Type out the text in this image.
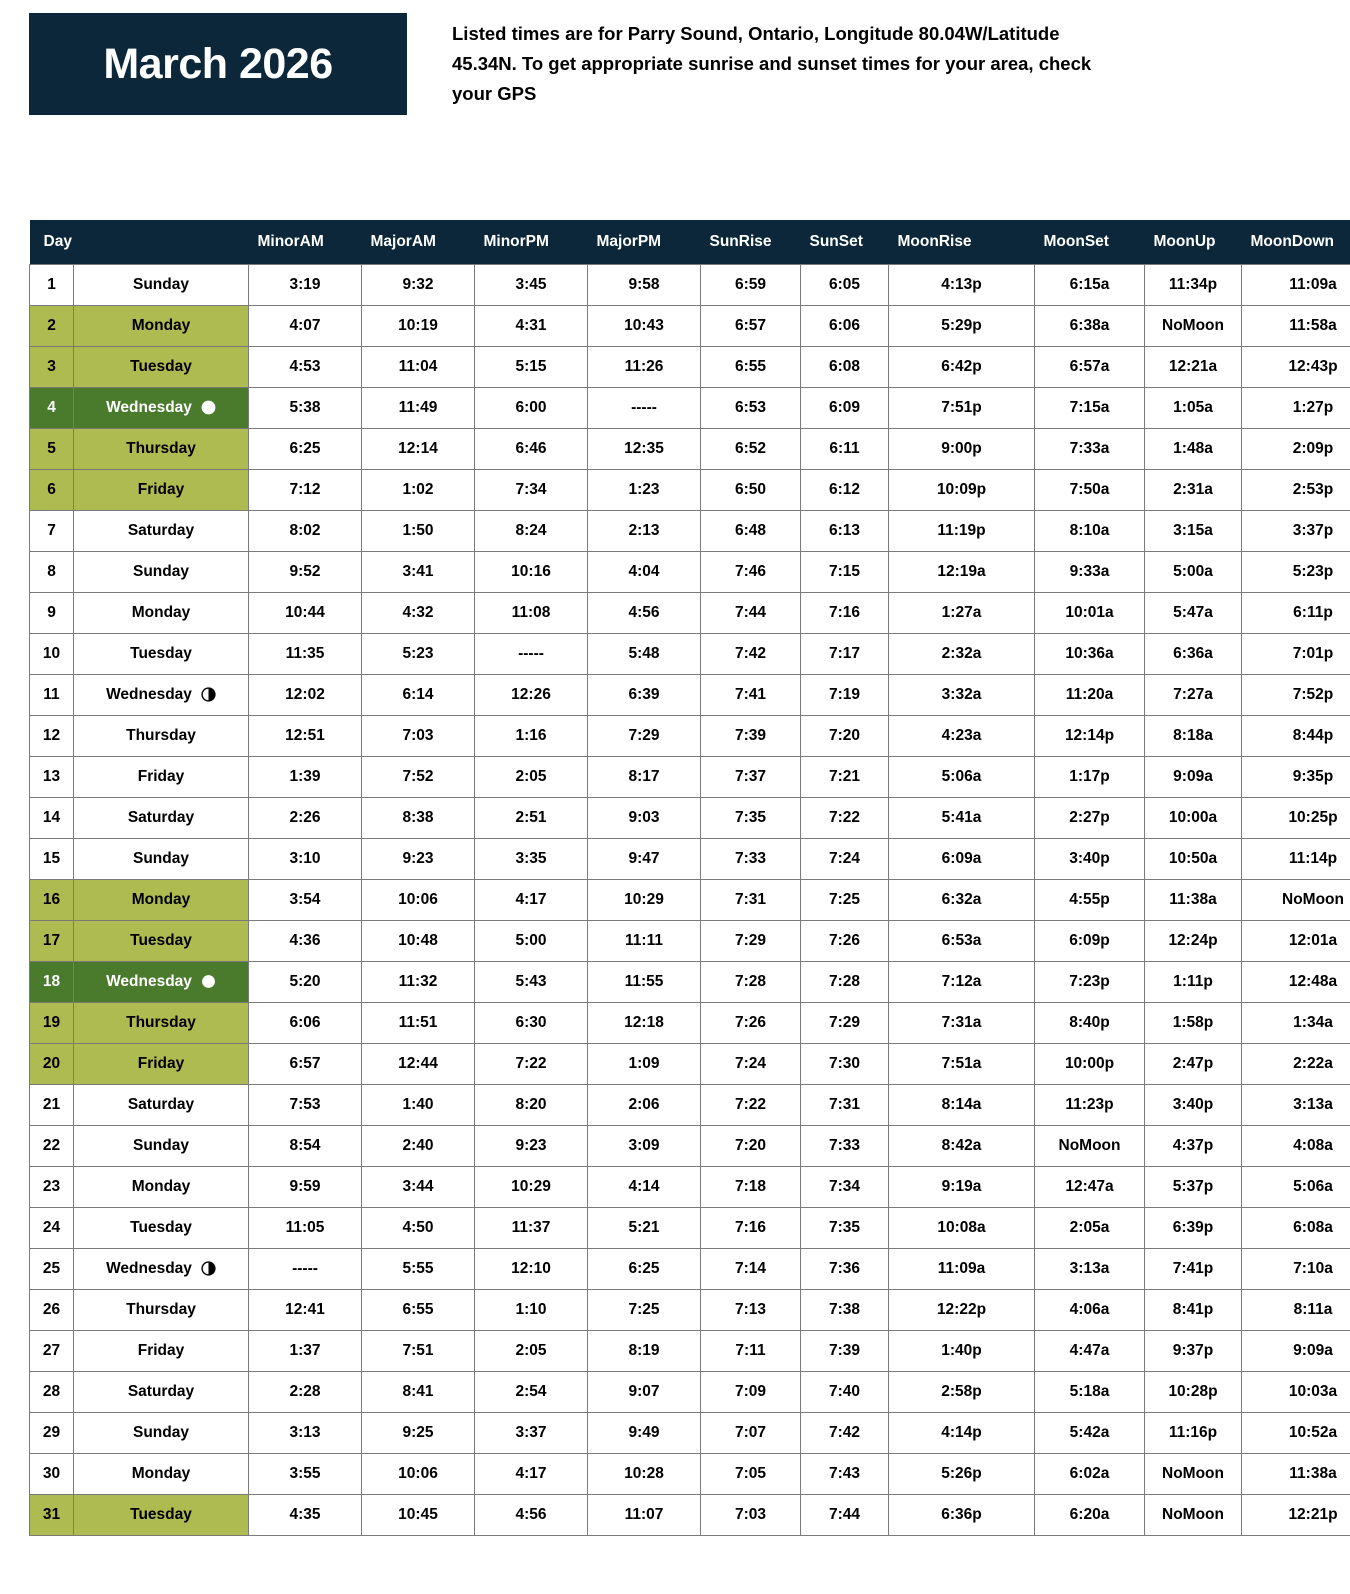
March 2026
Listed times are for Parry Sound, Ontario, Longitude 80.04W/Latitude 45.34N. To get appropriate sunrise and sunset times for your area, check your GPS
Day		MinorAM	MajorAM	MinorPM	MajorPM	SunRise	SunSet	MoonRise	MoonSet	MoonUp	MoonDown
1	Sunday	3:19	9:32	3:45	9:58	6:59	6:05	4:13p	6:15a	11:34p	11:09a
2	Monday	4:07	10:19	4:31	10:43	6:57	6:06	5:29p	6:38a	NoMoon	11:58a
3	Tuesday	4:53	11:04	5:15	11:26	6:55	6:08	6:42p	6:57a	12:21a	12:43p
4	Wednesday	5:38	11:49	6:00	-----	6:53	6:09	7:51p	7:15a	1:05a	1:27p
5	Thursday	6:25	12:14	6:46	12:35	6:52	6:11	9:00p	7:33a	1:48a	2:09p
6	Friday	7:12	1:02	7:34	1:23	6:50	6:12	10:09p	7:50a	2:31a	2:53p
7	Saturday	8:02	1:50	8:24	2:13	6:48	6:13	11:19p	8:10a	3:15a	3:37p
8	Sunday	9:52	3:41	10:16	4:04	7:46	7:15	12:19a	9:33a	5:00a	5:23p
9	Monday	10:44	4:32	11:08	4:56	7:44	7:16	1:27a	10:01a	5:47a	6:11p
10	Tuesday	11:35	5:23	-----	5:48	7:42	7:17	2:32a	10:36a	6:36a	7:01p
11	Wednesday	12:02	6:14	12:26	6:39	7:41	7:19	3:32a	11:20a	7:27a	7:52p
12	Thursday	12:51	7:03	1:16	7:29	7:39	7:20	4:23a	12:14p	8:18a	8:44p
13	Friday	1:39	7:52	2:05	8:17	7:37	7:21	5:06a	1:17p	9:09a	9:35p
14	Saturday	2:26	8:38	2:51	9:03	7:35	7:22	5:41a	2:27p	10:00a	10:25p
15	Sunday	3:10	9:23	3:35	9:47	7:33	7:24	6:09a	3:40p	10:50a	11:14p
16	Monday	3:54	10:06	4:17	10:29	7:31	7:25	6:32a	4:55p	11:38a	NoMoon
17	Tuesday	4:36	10:48	5:00	11:11	7:29	7:26	6:53a	6:09p	12:24p	12:01a
18	Wednesday	5:20	11:32	5:43	11:55	7:28	7:28	7:12a	7:23p	1:11p	12:48a
19	Thursday	6:06	11:51	6:30	12:18	7:26	7:29	7:31a	8:40p	1:58p	1:34a
20	Friday	6:57	12:44	7:22	1:09	7:24	7:30	7:51a	10:00p	2:47p	2:22a
21	Saturday	7:53	1:40	8:20	2:06	7:22	7:31	8:14a	11:23p	3:40p	3:13a
22	Sunday	8:54	2:40	9:23	3:09	7:20	7:33	8:42a	NoMoon	4:37p	4:08a
23	Monday	9:59	3:44	10:29	4:14	7:18	7:34	9:19a	12:47a	5:37p	5:06a
24	Tuesday	11:05	4:50	11:37	5:21	7:16	7:35	10:08a	2:05a	6:39p	6:08a
25	Wednesday	-----	5:55	12:10	6:25	7:14	7:36	11:09a	3:13a	7:41p	7:10a
26	Thursday	12:41	6:55	1:10	7:25	7:13	7:38	12:22p	4:06a	8:41p	8:11a
27	Friday	1:37	7:51	2:05	8:19	7:11	7:39	1:40p	4:47a	9:37p	9:09a
28	Saturday	2:28	8:41	2:54	9:07	7:09	7:40	2:58p	5:18a	10:28p	10:03a
29	Sunday	3:13	9:25	3:37	9:49	7:07	7:42	4:14p	5:42a	11:16p	10:52a
30	Monday	3:55	10:06	4:17	10:28	7:05	7:43	5:26p	6:02a	NoMoon	11:38a
31	Tuesday	4:35	10:45	4:56	11:07	7:03	7:44	6:36p	6:20a	NoMoon	12:21p
